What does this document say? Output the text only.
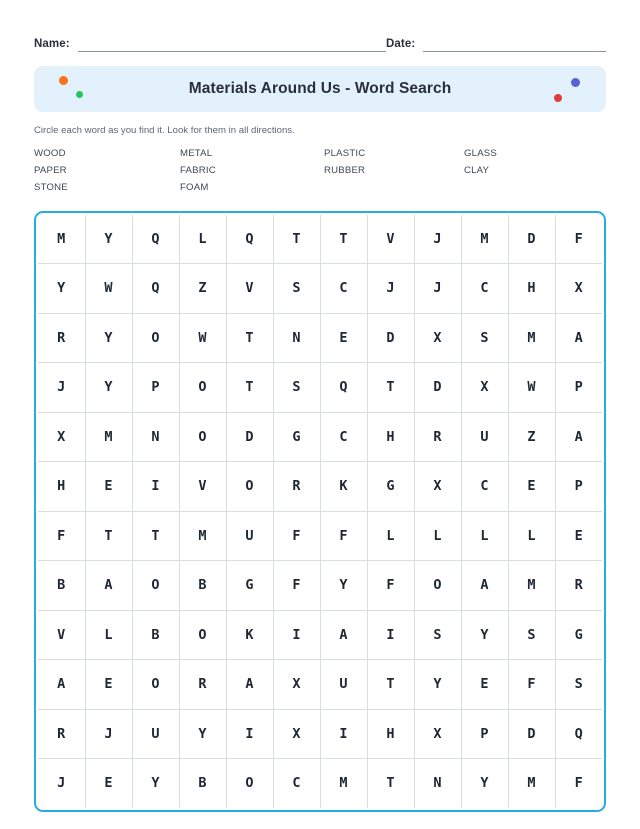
Name:	Date:
Materials Around Us - Word Search

Circle each word as you find it. Look for them in all directions.

WOOD	METAL	PLASTIC	GLASS
PAPER	FABRIC	RUBBER	CLAY
STONE	FOAM
M	Y	Q	L	Q	T	T	V	J	M	D	F
Y	W	Q	Z	V	S	C	J	J	C	H	X
R	Y	O	W	T	N	E	D	X	S	M	A
J	Y	P	O	T	S	Q	T	D	X	W	P
X	M	N	O	D	G	C	H	R	U	Z	A
H	E	I	V	O	R	K	G	X	C	E	P
F	T	T	M	U	F	F	L	L	L	L	E
B	A	O	B	G	F	Y	F	O	A	M	R
V	L	B	O	K	I	A	I	S	Y	S	G
A	E	O	R	A	X	U	T	Y	E	F	S
R	J	U	Y	I	X	I	H	X	P	D	Q
J	E	Y	B	O	C	M	T	N	Y	M	F
